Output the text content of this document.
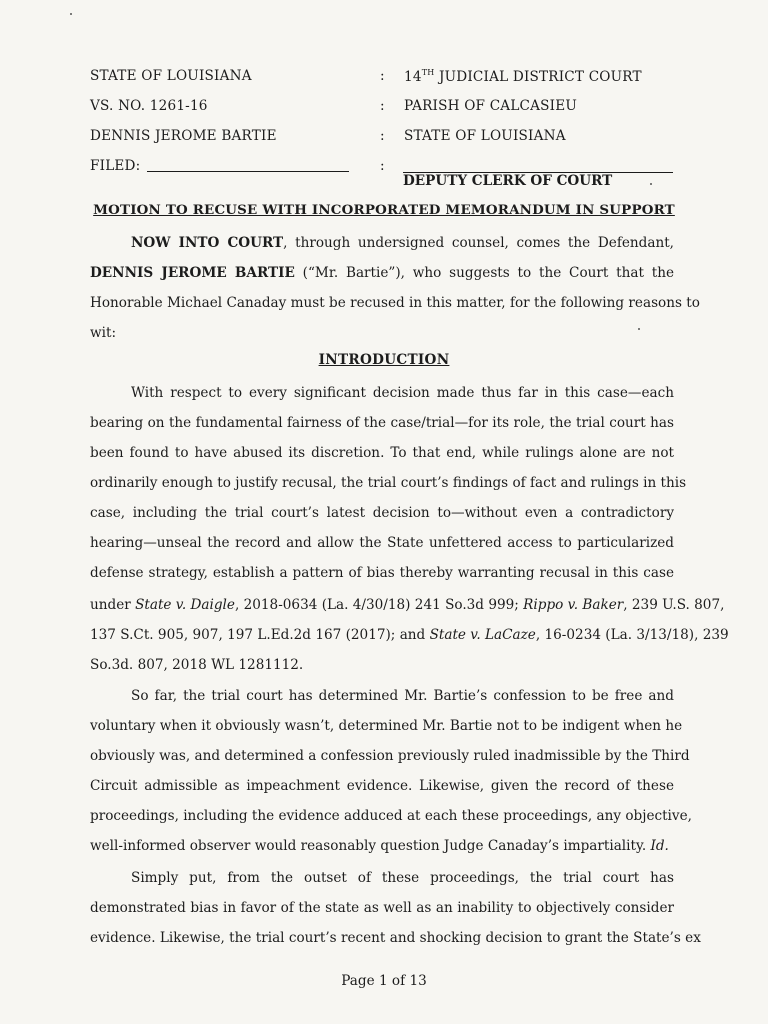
STATE OF LOUISIANA	: 14TH JUDICIAL DISTRICT COURT
VS. NO. 1261-16	: PARISH OF CALCASIEU
DENNIS JEROME BARTIE	: STATE OF LOUISIANA
FILED:	:
DEPUTY CLERK OF COURT
MOTION TO RECUSE WITH INCORPORATED MEMORANDUM IN SUPPORT
NOW INTO COURT, through undersigned counsel, comes the Defendant,
DENNIS JEROME BARTIE (“Mr. Bartie”), who suggests to the Court that the
Honorable Michael Canaday must be recused in this matter, for the following reasons to
wit:
INTRODUCTION
With respect to every significant decision made thus far in this case—each
bearing on the fundamental fairness of the case/trial—for its role, the trial court has
been found to have abused its discretion. To that end, while rulings alone are not
ordinarily enough to justify recusal, the trial court’s findings of fact and rulings in this
case, including the trial court’s latest decision to—without even a contradictory
hearing—unseal the record and allow the State unfettered access to particularized
defense strategy, establish a pattern of bias thereby warranting recusal in this case
under State v. Daigle, 2018-0634 (La. 4/30/18) 241 So.3d 999; Rippo v. Baker, 239 U.S. 807,
137 S.Ct. 905, 907, 197 L.Ed.2d 167 (2017); and State v. LaCaze, 16-0234 (La. 3/13/18), 239
So.3d. 807, 2018 WL 1281112.
So far, the trial court has determined Mr. Bartie’s confession to be free and
voluntary when it obviously wasn’t, determined Mr. Bartie not to be indigent when he
obviously was, and determined a confession previously ruled inadmissible by the Third
Circuit admissible as impeachment evidence. Likewise, given the record of these
proceedings, including the evidence adduced at each these proceedings, any objective,
well-informed observer would reasonably question Judge Canaday’s impartiality. Id.
Simply put, from the outset of these proceedings, the trial court has
demonstrated bias in favor of the state as well as an inability to objectively consider
evidence. Likewise, the trial court’s recent and shocking decision to grant the State’s ex
Page 1 of 13
